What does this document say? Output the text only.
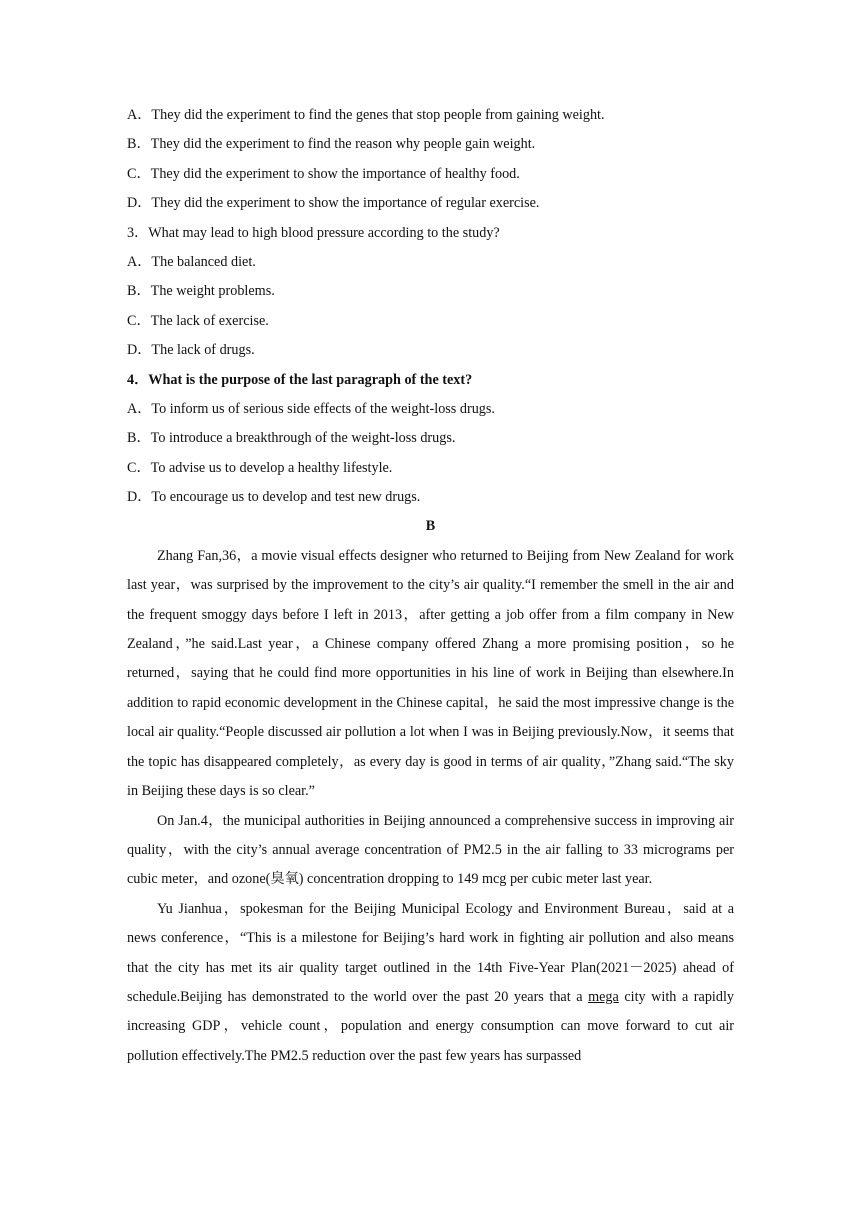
A．They did the experiment to find the genes that stop people from gaining weight.
B．They did the experiment to find the reason why people gain weight.
C．They did the experiment to show the importance of healthy food.
D．They did the experiment to show the importance of regular exercise.
3．What may lead to high blood pressure according to the study?
A．The balanced diet.
B．The weight problems.
C．The lack of exercise.
D．The lack of drugs.
4．What is the purpose of the last paragraph of the text?
A．To inform us of serious side effects of the weight-loss drugs.
B．To introduce a breakthrough of the weight-loss drugs.
C．To advise us to develop a healthy lifestyle.
D．To encourage us to develop and test new drugs.
B

Zhang Fan,36，a movie visual effects designer who returned to Beijing from New Zealand for work last year，was surprised by the improvement to the city’s air quality.“I remember the smell in the air and the frequent smoggy days before I left in 2013，after getting a job offer from a film company in New Zealand，”he said.Last year，a Chinese company offered Zhang a more promising position，so he returned，saying that he could find more opportunities in his line of work in Beijing than elsewhere.In addition to rapid economic development in the Chinese capital，he said the most impressive change is the local air quality.“People discussed air pollution a lot when I was in Beijing previously.Now，it seems that the topic has disappeared completely，as every day is good in terms of air quality，”Zhang said.“The sky in Beijing these days is so clear.”

On Jan.4，the municipal authorities in Beijing announced a comprehensive success in improving air quality，with the city’s annual average concentration of PM2.5 in the air falling to 33 micrograms per cubic meter，and ozone(臭氧) concentration dropping to 149 mcg per cubic meter last year.

Yu Jianhua，spokesman for the Beijing Municipal Ecology and Environment Bureau，said at a news conference，“This is a milestone for Beijing’s hard work in fighting air pollution and also means that the city has met its air quality target outlined in the 14th Five-Year Plan(2021－2025) ahead of schedule.Beijing has demonstrated to the world over the past 20 years that a mega city with a rapidly increasing GDP，vehicle count，population and energy consumption can move forward to cut air pollution effectively.The PM2.5 reduction over the past few years has surpassed
